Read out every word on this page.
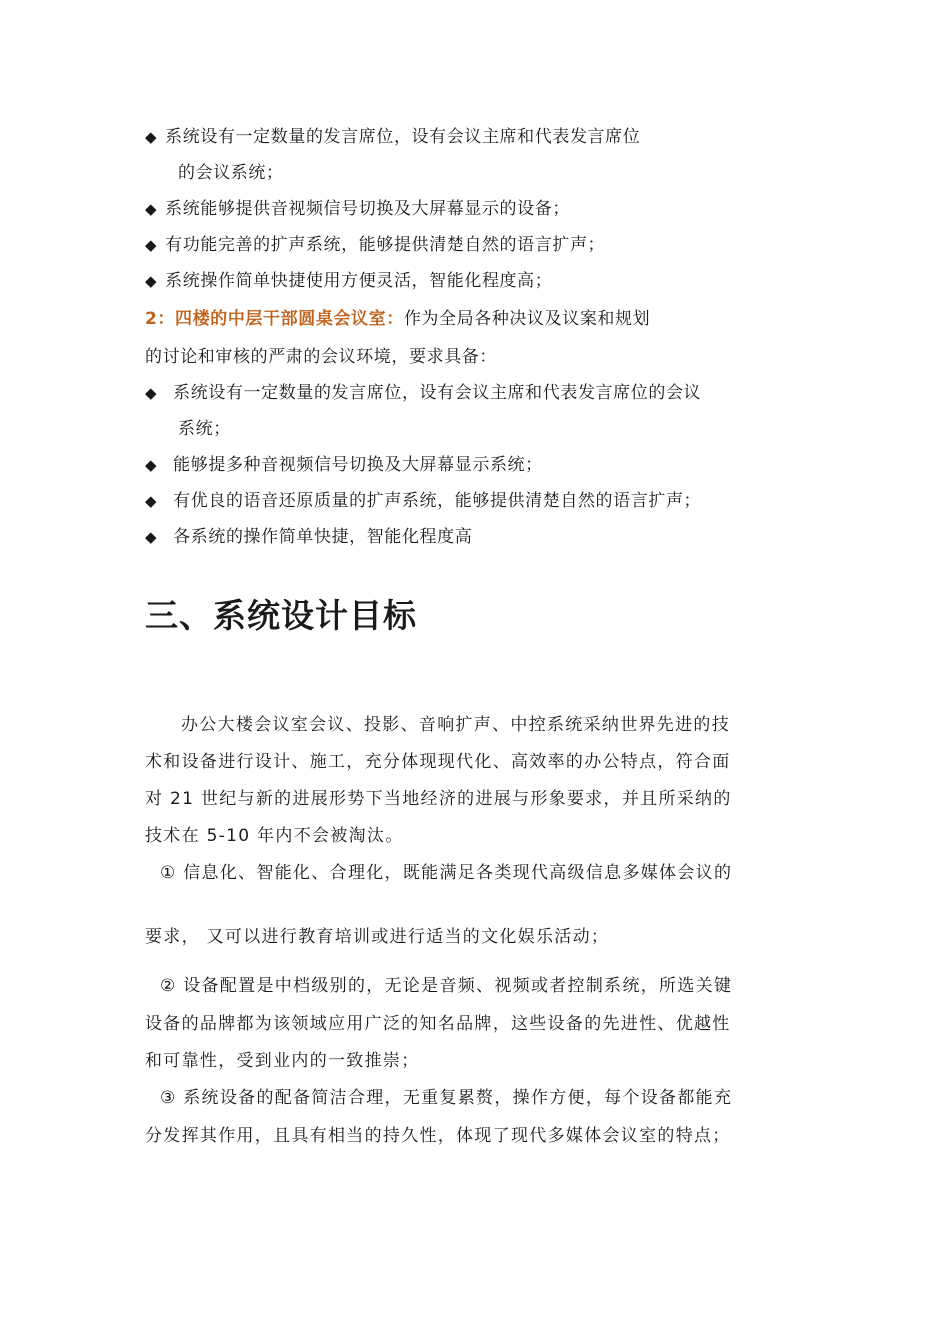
◆ 系统设有一定数量的发言席位，设有会议主席和代表发言席位
的会议系统；
◆ 系统能够提供音视频信号切换及大屏幕显示的设备；
◆ 有功能完善的扩声系统，能够提供清楚自然的语言扩声；
◆ 系统操作简单快捷使用方便灵活，智能化程度高；
2：四楼的中层干部圆桌会议室：作为全局各种决议及议案和规划
的讨论和审核的严肃的会议环境，要求具备：
◆ 系统设有一定数量的发言席位，设有会议主席和代表发言席位的会议
系统；
◆ 能够提多种音视频信号切换及大屏幕显示系统；
◆ 有优良的语音还原质量的扩声系统，能够提供清楚自然的语言扩声；
◆ 各系统的操作简单快捷，智能化程度高
三、系统设计目标
办公大楼会议室会议、投影、音响扩声、中控系统采纳世界先进的技
术和设备进行设计、施工，充分体现现代化、高效率的办公特点，符合面
对 21 世纪与新的进展形势下当地经济的进展与形象要求，并且所采纳的
技术在 5-10 年内不会被淘汰。
① 信息化、智能化、合理化，既能满足各类现代高级信息多媒体会议的
要求， 又可以进行教育培训或进行适当的文化娱乐活动；
② 设备配置是中档级别的，无论是音频、视频或者控制系统，所选关键
设备的品牌都为该领域应用广泛的知名品牌，这些设备的先进性、优越性
和可靠性，受到业内的一致推崇；
③ 系统设备的配备简洁合理，无重复累赘，操作方便，每个设备都能充
分发挥其作用，且具有相当的持久性，体现了现代多媒体会议室的特点；
